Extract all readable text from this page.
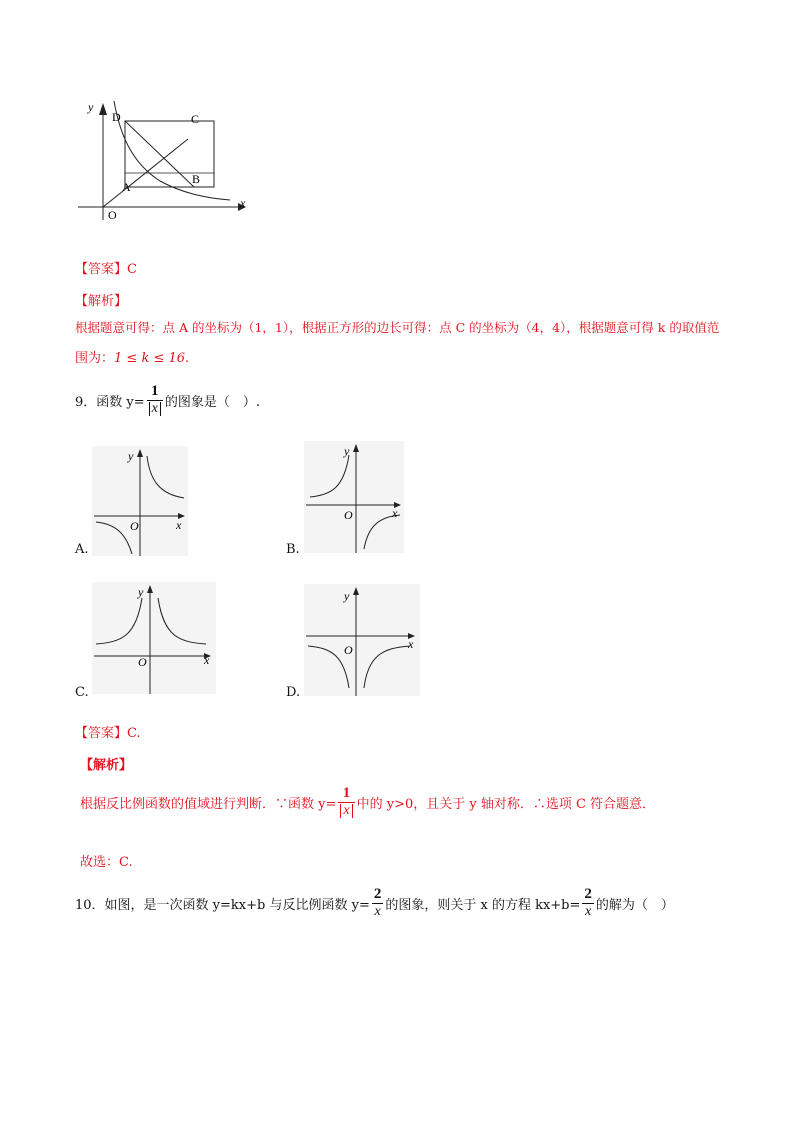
y
x
O
A
B
C
D
【答案】C
【解析】
根据题意可得：点 A 的坐标为（1，1），根据正方形的边长可得：点 C 的坐标为（4，4），根据题意可得 k 的取值范
围为：1 ≤ k ≤ 16.
9． 函数 $y= \frac{1}{x}$ 的图象是（　）.
y
x
O
A.
y
x
O
B.
y
x
O
C.
y
x
O
D.
【答案】C.
【解析】
根据反比例函数的值域进行判断．∵函数 $y= \frac{1}{x}$ 中的 y>0，且关于 y 轴对称．∴选项 C 符合题意．
故选：C.
10． 如图，是一次函数 y=kx+b 与反比例函数 $y= \frac{2}{x}$ 的图象，则关于 x 的方程 $kx+b= \frac{2}{x}$ 的解为（　）
